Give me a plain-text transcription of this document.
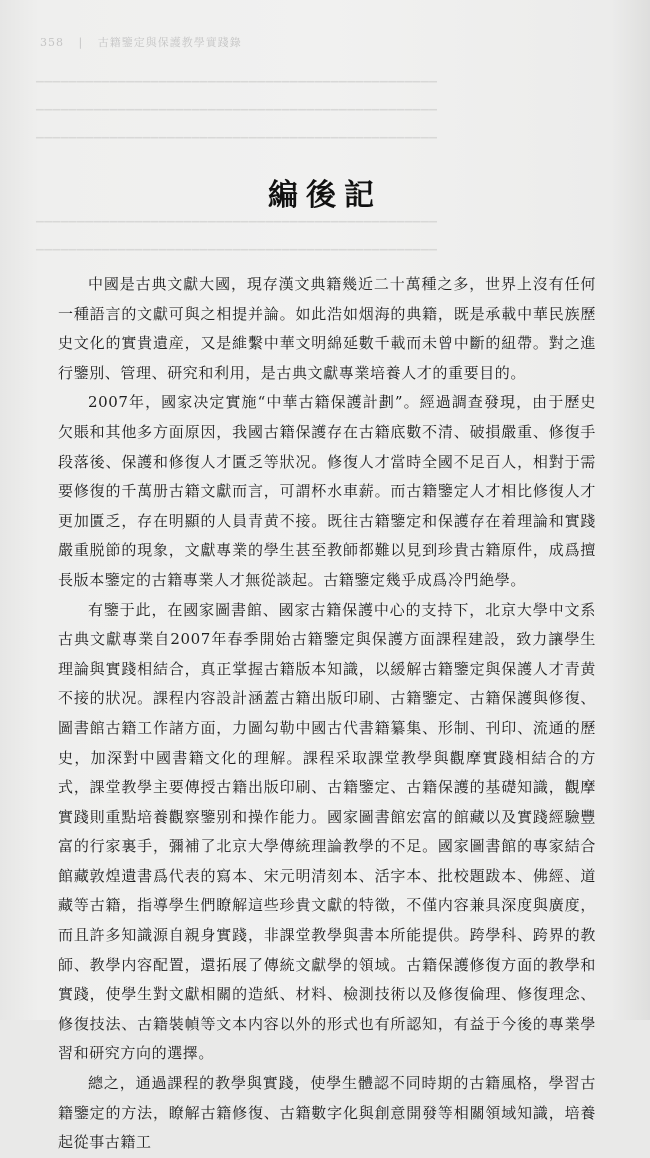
358 | 古籍鑒定與保護教學實踐錄
▁▁▁▁▁▁▁▁▁▁▁▁▁▁▁▁▁▁▁▁▁▁▁▁▁▁▁▁▁▁▁▁▁▁▁▁▁▁▁▁▁▁▁▁▁▁▁▁▁
▁▁▁▁▁▁▁▁▁▁▁▁▁▁▁▁▁▁▁▁▁▁▁▁▁▁▁▁▁▁▁▁▁▁▁▁▁▁▁▁▁▁▁▁▁▁▁▁▁
▁▁▁▁▁▁▁▁▁▁▁▁▁▁▁▁▁▁▁▁▁▁▁▁▁▁▁▁▁▁▁▁▁▁▁▁▁▁▁▁▁▁▁▁▁▁▁▁▁
▁▁▁▁▁▁▁▁▁▁▁▁▁▁▁▁▁▁▁▁▁▁▁▁▁▁▁▁▁▁▁▁▁▁▁▁▁▁▁▁▁▁▁▁▁▁▁▁▁
▁▁▁▁▁▁▁▁▁▁▁▁▁▁▁▁▁▁▁▁▁▁▁▁▁▁▁▁▁▁▁▁▁▁▁▁▁▁▁▁▁▁▁▁▁▁▁▁▁
編後記

中國是古典文獻大國，現存漢文典籍幾近二十萬種之多，世界上沒有任何一種語言的文獻可與之相提并論。如此浩如烟海的典籍，既是承載中華民族歷史文化的實貴遺産，又是維繫中華文明綿延數千載而未曾中斷的紐帶。對之進行鑒別、管理、研究和利用，是古典文獻專業培養人才的重要目的。

2007年，國家决定實施“中華古籍保護計劃”。經過調查發現，由于歷史欠賬和其他多方面原因，我國古籍保護存在古籍底數不清、破損嚴重、修復手段落後、保護和修復人才匱乏等狀况。修復人才當時全國不足百人，相對于需要修復的千萬册古籍文獻而言，可謂杯水車薪。而古籍鑒定人才相比修復人才更加匱乏，存在明顯的人員青黄不接。既往古籍鑒定和保護存在着理論和實踐嚴重脱節的現象，文獻專業的學生甚至教師都難以見到珍貴古籍原件，成爲擅長版本鑒定的古籍專業人才無從談起。古籍鑒定幾乎成爲冷門絶學。

有鑒于此，在國家圖書館、國家古籍保護中心的支持下，北京大學中文系古典文獻專業自2007年春季開始古籍鑒定與保護方面課程建設，致力讓學生理論與實踐相結合，真正掌握古籍版本知識，以緩解古籍鑒定與保護人才青黄不接的狀况。課程内容設計涵蓋古籍出版印刷、古籍鑒定、古籍保護與修復、圖書館古籍工作諸方面，力圖勾勒中國古代書籍纂集、形制、刊印、流通的歷史，加深對中國書籍文化的理解。課程采取課堂教學與觀摩實踐相結合的方式，課堂教學主要傳授古籍出版印刷、古籍鑒定、古籍保護的基礎知識，觀摩實踐則重點培養觀察鑒别和操作能力。國家圖書館宏富的館藏以及實踐經驗豐富的行家裏手，彌補了北京大學傳統理論教學的不足。國家圖書館的專家結合館藏敦煌遺書爲代表的寫本、宋元明清刻本、活字本、批校題跋本、佛經、道藏等古籍，指導學生們瞭解這些珍貴文獻的特徵，不僅内容兼具深度與廣度，而且許多知識源自親身實踐，非課堂教學與書本所能提供。跨學科、跨界的教師、教學内容配置，還拓展了傳統文獻學的領域。古籍保護修復方面的教學和實踐，使學生對文獻相關的造紙、材料、檢測技術以及修復倫理、修復理念、修復技法、古籍裝幀等文本内容以外的形式也有所認知，有益于今後的專業學習和研究方向的選擇。

總之，通過課程的教學與實踐，使學生體認不同時期的古籍風格，學習古籍鑒定的方法，瞭解古籍修復、古籍數字化與創意開發等相關領域知識，培養起從事古籍工
